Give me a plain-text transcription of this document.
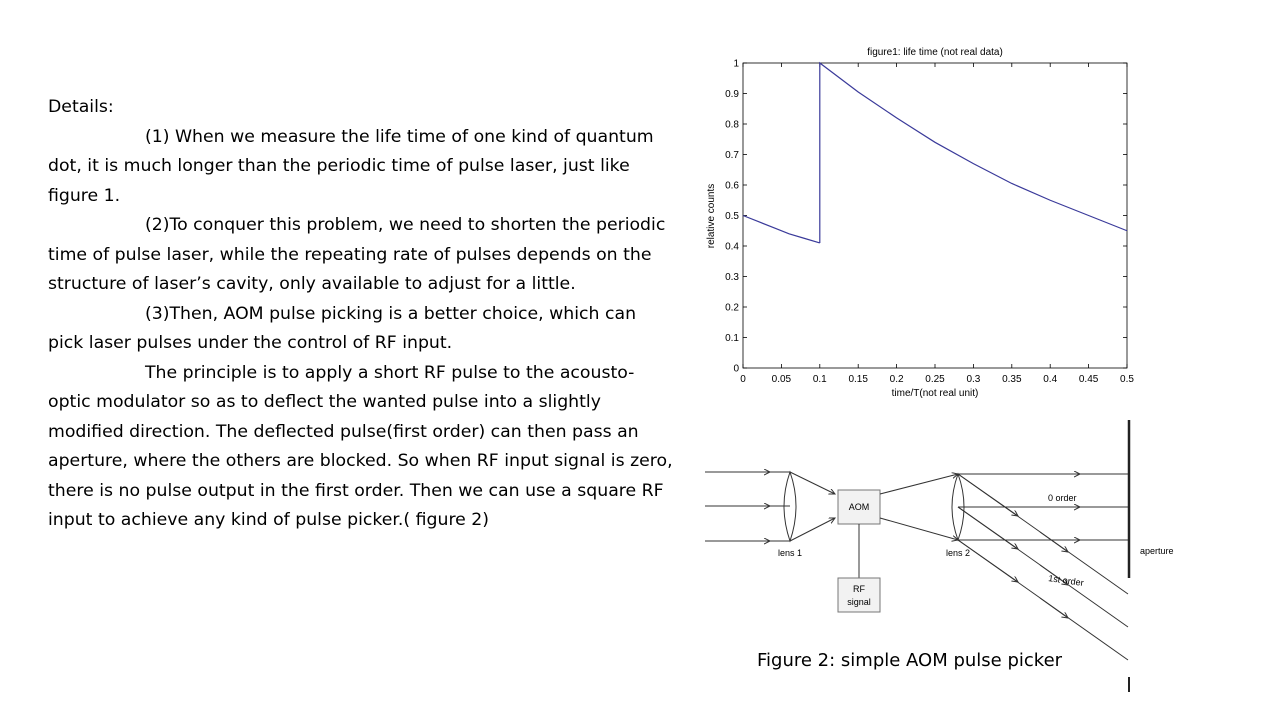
Details:

(1) When we measure the life time of one kind of quantum dot, it is much longer than the periodic time of pulse laser, just like figure 1.

(2)To conquer this problem, we need to shorten the periodic time of pulse laser, while the repeating rate of pulses depends on the structure of laser’s cavity, only available to adjust for a little.

(3)Then, AOM pulse picking is a better choice, which can pick laser pulses under the control of RF input.

The principle is to apply a short RF pulse to the acousto-optic modulator so as to deflect the wanted pulse into a slightly modified direction. The deflected pulse(first order) can then pass an aperture, where the others are blocked. So when RF input signal is zero, there is no pulse output in the first order. Then we can use a square RF input to achieve any kind of pulse picker.( figure 2)

figure1: life time (not real data)
0	0.05 0.1 0.15 0.2 0.25 0.3 0.35 0.4 0.45 0.5
0
0.1
0.2
0.3
0.4
0.5
0.6
0.7
0.8
0.9
1
time/T(not real unit)
relative counts
AOM
RF
signal
lens 1	lens 2
0 order
1st order
aperture
Figure 2: simple AOM pulse picker
